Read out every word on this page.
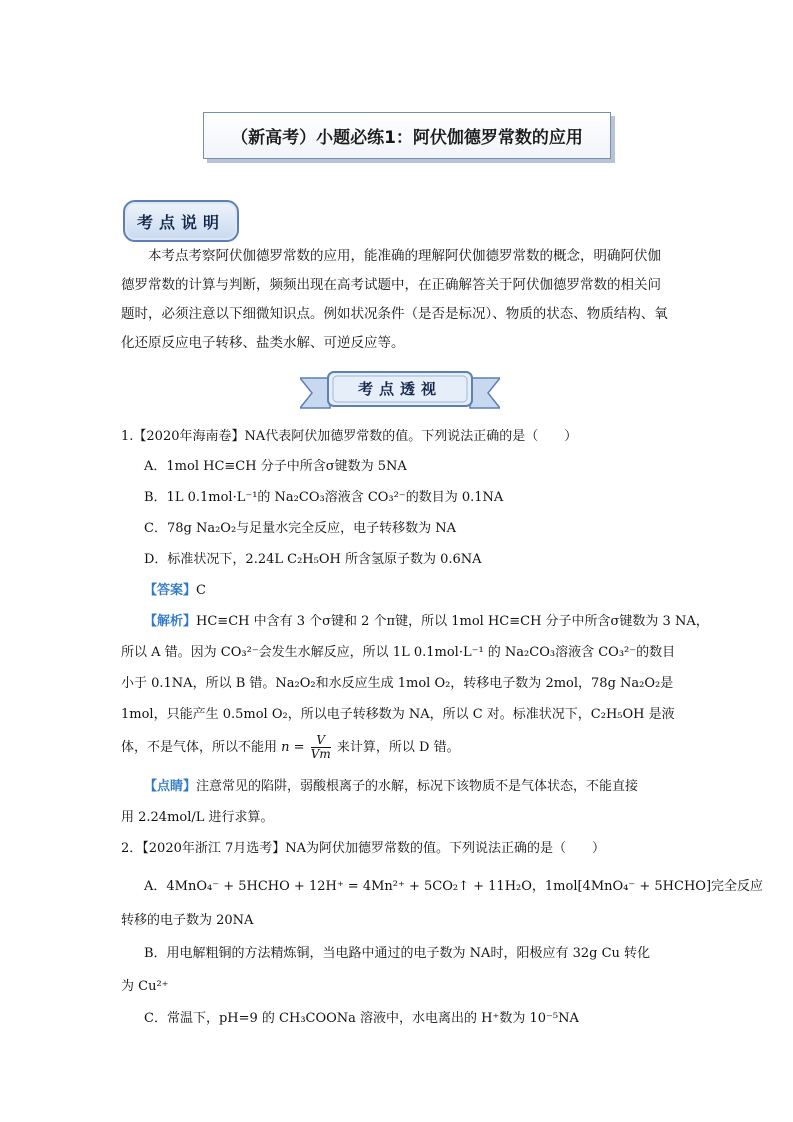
（新高考）小题必练1：阿伏伽德罗常数的应用
考点说明
本考点考察阿伏伽德罗常数的应用，能准确的理解阿伏伽德罗常数的概念，明确阿伏伽德罗常数的计算与判断，频频出现在高考试题中，在正确解答关于阿伏伽德罗常数的相关问题时，必须注意以下细微知识点。例如状况条件（是否是标况）、物质的状态、物质结构、氧化还原反应电子转移、盐类水解、可逆反应等。
考点透视
1.【2020年海南卷】NA代表阿伏加德罗常数的值。下列说法正确的是（　　）
A．1mol HC≡CH 分子中所含σ键数为 5NA
B．1L 0.1mol·L⁻¹的 Na₂CO₃溶液含 CO₃²⁻的数目为 0.1NA
C．78g Na₂O₂与足量水完全反应，电子转移数为 NA
D．标准状况下，2.24L C₂H₅OH 所含氢原子数为 0.6NA
【答案】C
【解析】HC≡CH 中含有 3 个σ键和 2 个π键，所以 1mol HC≡CH 分子中所含σ键数为 3 NA，
所以 A 错。因为 CO₃²⁻会发生水解反应，所以 1L 0.1mol·L⁻¹ 的 Na₂CO₃溶液含 CO₃²⁻的数目
小于 0.1NA，所以 B 错。Na₂O₂和水反应生成 1mol O₂，转移电子数为 2mol，78g Na₂O₂是
1mol，只能产生 0.5mol O₂，所以电子转移数为 NA，所以 C 对。标准状况下，C₂H₅OH 是液
体，不是气体，所以不能用 $n = \frac{V}{Vm}$ 来计算，所以 D 错。
【点睛】注意常见的陷阱，弱酸根离子的水解，标况下该物质不是气体状态，不能直接
用 2.24mol/L 进行求算。
2．【2020年浙江 7月选考】NA为阿伏加德罗常数的值。下列说法正确的是（　　）
A．4MnO₄⁻ + 5HCHO + 12H⁺ = 4Mn²⁺ + 5CO₂↑ + 11H₂O，1mol[4MnO₄⁻ + 5HCHO]完全反应
转移的电子数为 20NA
B．用电解粗铜的方法精炼铜，当电路中通过的电子数为 NA时，阳极应有 32g Cu 转化
为 Cu²⁺
C．常温下，pH=9 的 CH₃COONa 溶液中，水电离出的 H⁺数为 10⁻⁵NA
